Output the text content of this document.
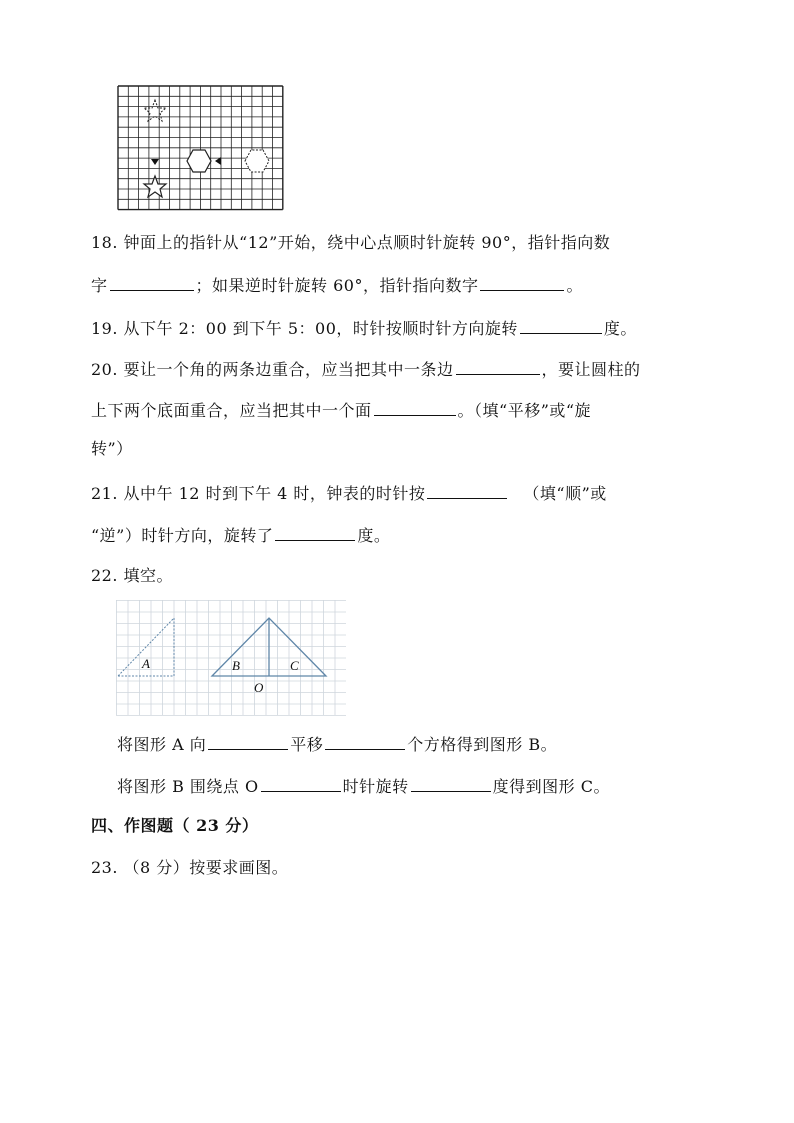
18. 钟面上的指针从“12”开始，绕中心点顺时针旋转 90°，指针指向数
字	；如果逆时针旋转 60°，指针指向数字	。
19. 从下午 2：00 到下午 5：00，时针按顺时针方向旋转	度。
20. 要让一个角的两条边重合，应当把其中一条边	，要让圆柱的
上下两个底面重合，应当把其中一个面	。（填“平移”或“旋
转”）
21. 从中午 12 时到下午 4 时，钟表的时针按	（填“顺”或
“逆”）时针方向，旋转了	度。
22. 填空。
A	B	C
O
将图形 A 向	平移	个方格得到图形 B。
将图形 B 围绕点 O	时针旋转	度得到图形 C。
四、作图题（ 23 分）
23. （8 分）按要求画图。
